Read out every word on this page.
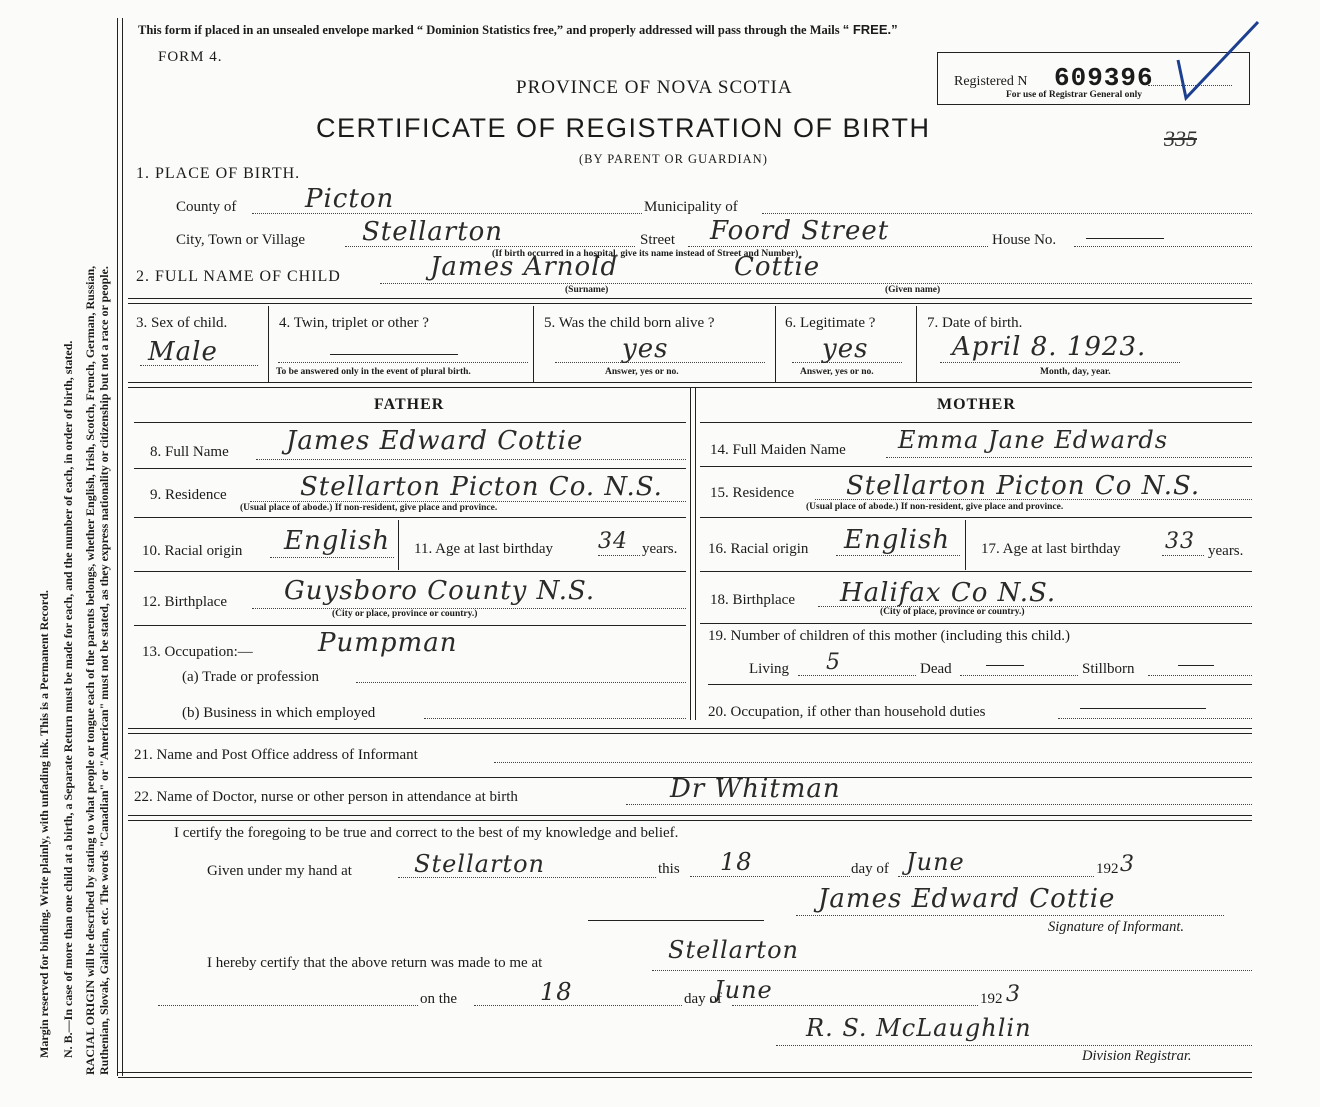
Margin reserved for binding. Write plainly, with unfading ink. This is a Permanent Record. N. B.—In case of more than one child at a birth, a Separate Return must be made for each, and the number of each, in order of birth, stated. RACIAL ORIGIN will be described by stating to what people or tongue each of the parents belongs, whether English, Irish, Scotch, French, German, Russian, Ruthenian, Slovak, Galician, etc. The words "Canadian" or "American" must not be stated, as they express nationality or citizenship but not a race or people.
This form if placed in an unsealed envelope marked “ Dominion Statistics free,” and properly addressed will pass through the Mails “ FREE.”
FORM 4.
PROVINCE OF NOVA SCOTIA
CERTIFICATE OF REGISTRATION OF BIRTH
(BY PARENT OR GUARDIAN)
Registered N 609396
For use of Registrar General only
335
1. PLACE OF BIRTH.
County of	Picton	Municipality of
City, Town or Village Stellarton	Street Foord Street	House No.
(If birth occurred in a hospital, give its name instead of Street and Number)
2. FULL NAME OF CHILD	James Arnold	Cottie
(Surname)	(Given name)
3. Sex of child.
Male
4. Twin, triplet or other ?
To be answered only in the event of plural birth.
5. Was the child born alive ?
yes
Answer, yes or no.
6. Legitimate ?
yes
Answer, yes or no.
7. Date of birth.
April 8. 1923.
Month, day, year.
FATHER	MOTHER
8. Full Name James Edward Cottie	14. Full Maiden Name Emma Jane Edwards
9. Residence	Stellarton Picton Co. N.S.
(Usual place of abode.) If non-resident, give place and province.
15. Residence Stellarton Picton Co N.S.
(Usual place of abode.) If non-resident, give place and province.
10. Racial origin English 11. Age at last birthday 34 years. 16. Racial origin English 17. Age at last birthday 33 years.
12. Birthplace Guysboro County N.S.
(City or place, province or country.)
18. Birthplace Halifax Co N.S.
(City of place, province or country.)
13. Occupation:—	Pumpman
(a) Trade or profession
(b) Business in which employed
19. Number of children of this mother (including this child.)
Living 5	Dead	Stillborn
20. Occupation, if other than household duties
21. Name and Post Office address of Informant
22. Name of Doctor, nurse or other person in attendance at birth	Dr Whitman
I certify the foregoing to be true and correct to the best of my knowledge and belief.
Given under my hand at	Stellarton	this 18	day of June	192 3
James Edward Cottie
Signature of Informant.
I hereby certify that the above return was made to me at	Stellarton
on the	18	day of
June	192 3
R. S. McLaughlin
Division Registrar.
